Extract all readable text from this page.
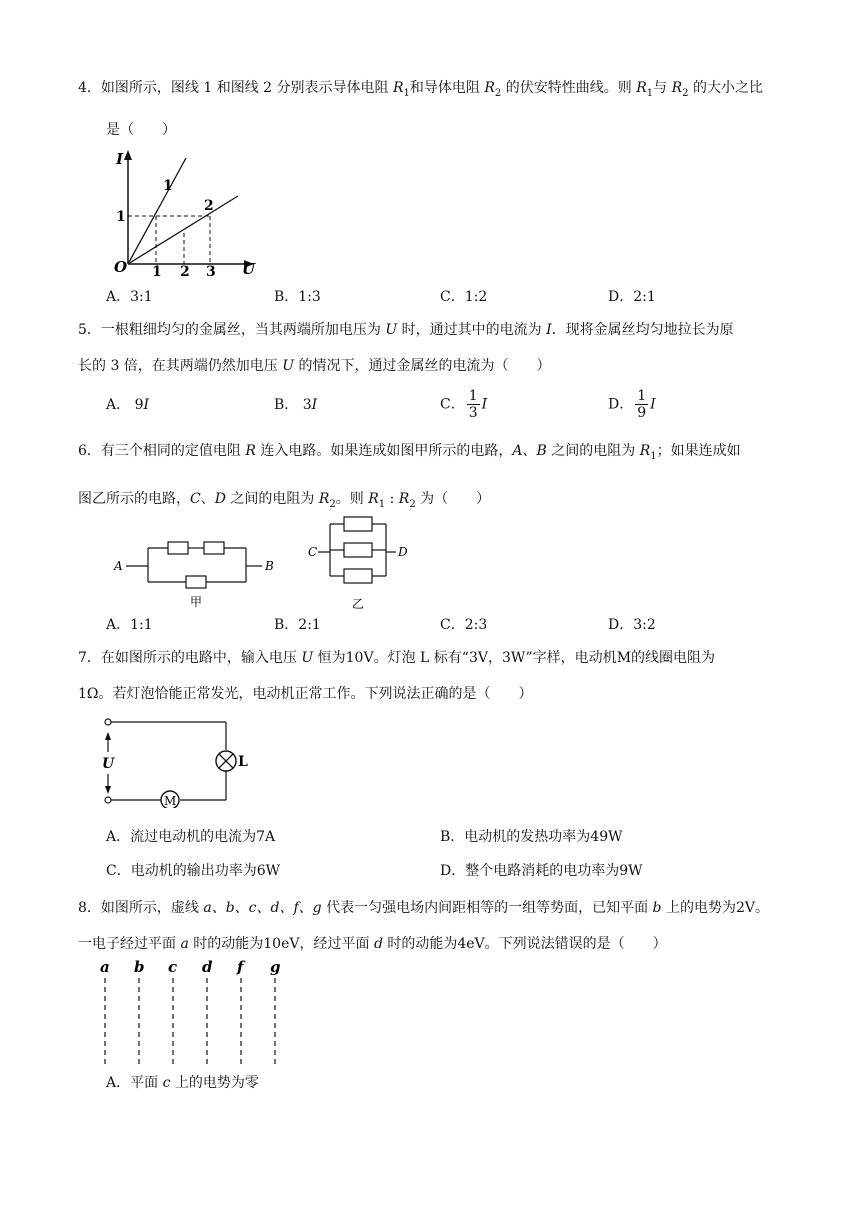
4．如图所示，图线 1 和图线 2 分别表示导体电阻 $R_1$和导体电阻 $R_2$ 的伏安特性曲线。则 $R_1$与 $R_2$ 的大小之比
是（　　）
I
U
O
1
2
1
1 2 3
A．3:1	B．1:3	C．1:2	D．2:1
5．一根粗细均匀的金属丝，当其两端所加电压为 U 时，通过其中的电流为 I．现将金属丝均匀地拉长为原
长的 3 倍，在其两端仍然加电压 U 的情况下，通过金属丝的电流为（　　）
A． 9I	B． 3I	C． $\frac{1}{3}$ I	D． $\frac{1}{9}$ I
6．有三个相同的定值电阻 R 连入电路。如果连成如图甲所示的电路，A、B 之间的电阻为 $R_1$；如果连成如
图乙所示的电路，C、D 之间的电阻为 $R_2$。则 $R_1$ : $R_2$ 为（　　）
A	B
甲
C	D
乙
A．1:1	B．2:1	C．2:3	D．3:2
7．在如图所示的电路中，输入电压 U 恒为10V。灯泡 L 标有“3V，3W”字样，电动机M的线圈电阻为
1Ω。若灯泡恰能正常发光，电动机正常工作。下列说法正确的是（　　）
L
M
U
A．流过电动机的电流为7A	B．电动机的发热功率为49W
C．电动机的输出功率为6W	D．整个电路消耗的电功率为9W
8．如图所示，虚线 a、b、c、d、f、g 代表一匀强电场内间距相等的一组等势面，已知平面 b 上的电势为2V。
一电子经过平面 a 时的动能为10eV，经过平面 d 时的动能为4eV。下列说法错误的是（　　）
a b c d f g
A．平面 c 上的电势为零
